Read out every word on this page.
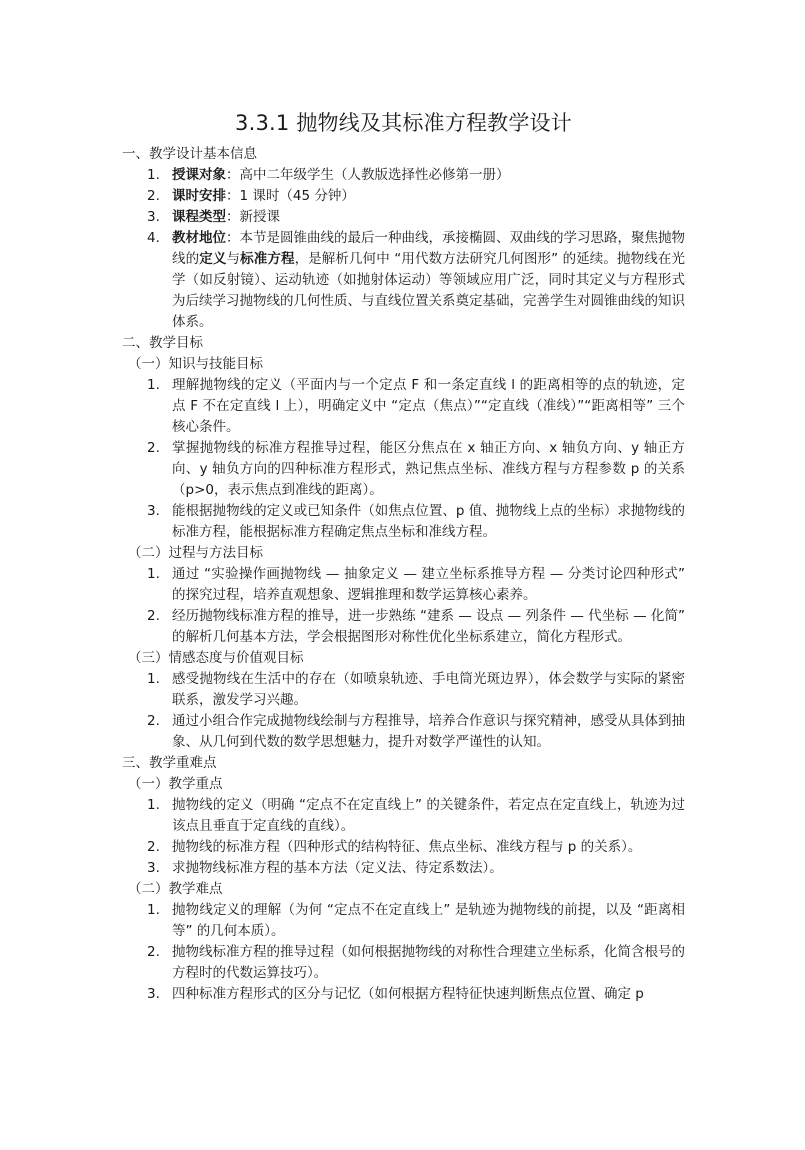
3.3.1 抛物线及其标准方程教学设计

一、教学设计基本信息

1. 授课对象：高中二年级学生（人教版选择性必修第一册）
2. 课时安排：1 课时（45 分钟）
3. 课程类型：新授课
4. 教材地位：本节是圆锥曲线的最后一种曲线，承接椭圆、双曲线的学习思路，聚焦抛物线的定义与标准方程，是解析几何中 “用代数方法研究几何图形” 的延续。抛物线在光学（如反射镜）、运动轨迹（如抛射体运动）等领域应用广泛，同时其定义与方程形式为后续学习抛物线的几何性质、与直线位置关系奠定基础，完善学生对圆锥曲线的知识体系。

二、教学目标

（一）知识与技能目标

1. 理解抛物线的定义（平面内与一个定点 F 和一条定直线 l 的距离相等的点的轨迹，定点 F 不在定直线 l 上），明确定义中 “定点（焦点）”“定直线（准线）”“距离相等” 三个核心条件。
2. 掌握抛物线的标准方程推导过程，能区分焦点在 x 轴正方向、x 轴负方向、y 轴正方向、y 轴负方向的四种标准方程形式，熟记焦点坐标、准线方程与方程参数 p 的关系（p>0，表示焦点到准线的距离）。
3. 能根据抛物线的定义或已知条件（如焦点位置、p 值、抛物线上点的坐标）求抛物线的标准方程，能根据标准方程确定焦点坐标和准线方程。

（二）过程与方法目标

1. 通过 “实验操作画抛物线 — 抽象定义 — 建立坐标系推导方程 — 分类讨论四种形式” 的探究过程，培养直观想象、逻辑推理和数学运算核心素养。
2. 经历抛物线标准方程的推导，进一步熟练 “建系 — 设点 — 列条件 — 代坐标 — 化简” 的解析几何基本方法，学会根据图形对称性优化坐标系建立，简化方程形式。

（三）情感态度与价值观目标

1. 感受抛物线在生活中的存在（如喷泉轨迹、手电筒光斑边界），体会数学与实际的紧密联系，激发学习兴趣。
2. 通过小组合作完成抛物线绘制与方程推导，培养合作意识与探究精神，感受从具体到抽象、从几何到代数的数学思想魅力，提升对数学严谨性的认知。

三、教学重难点

（一）教学重点

1. 抛物线的定义（明确 “定点不在定直线上” 的关键条件，若定点在定直线上，轨迹为过该点且垂直于定直线的直线）。
2. 抛物线的标准方程（四种形式的结构特征、焦点坐标、准线方程与 p 的关系）。
3. 求抛物线标准方程的基本方法（定义法、待定系数法）。

（二）教学难点

1. 抛物线定义的理解（为何 “定点不在定直线上” 是轨迹为抛物线的前提，以及 “距离相等” 的几何本质）。
2. 抛物线标准方程的推导过程（如何根据抛物线的对称性合理建立坐标系，化简含根号的方程时的代数运算技巧）。
3. 四种标准方程形式的区分与记忆（如何根据方程特征快速判断焦点位置、确定 p
